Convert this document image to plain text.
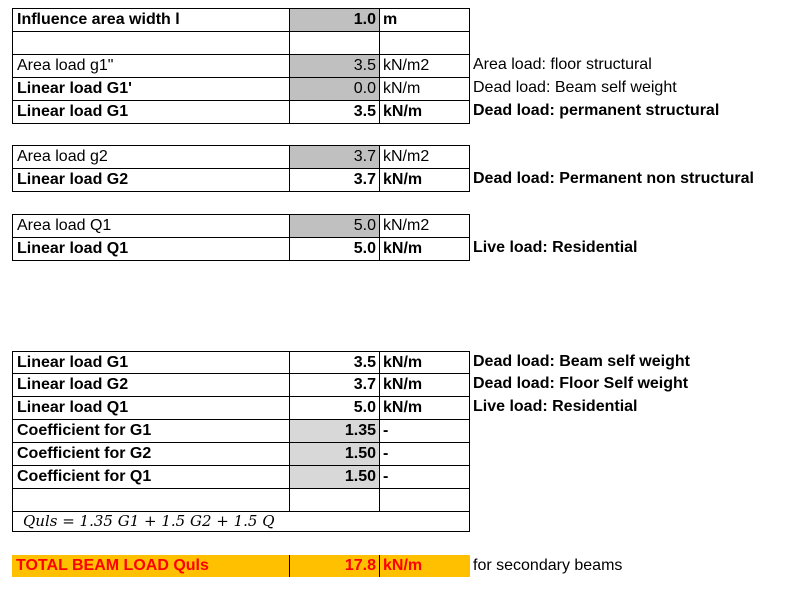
Influence area width l	1.0 m
Area load g1"	3.5 kN/m2	Area load: floor structural
Linear load G1'	0.0 kN/m	Dead load: Beam self weight
Linear load G1	3.5 kN/m	Dead load: permanent structural
Area load g2	3.7 kN/m2
Linear load G2	3.7 kN/m	Dead load: Permanent non structural
Area load Q1	5.0 kN/m2
Linear load Q1	5.0 kN/m	Live load: Residential
Linear load G1	3.5 kN/m	Dead load: Beam self weight
Linear load G2	3.7 kN/m	Dead load: Floor Self weight
Linear load Q1	5.0 kN/m	Live load: Residential
Coefficient for G1	1.35 -
Coefficient for G2	1.50 -
Coefficient for Q1	1.50 -
Quls = 1.35 G1 + 1.5 G2 + 1.5 Q
TOTAL BEAM LOAD Quls	17.8 kN/m	for secondary beams
